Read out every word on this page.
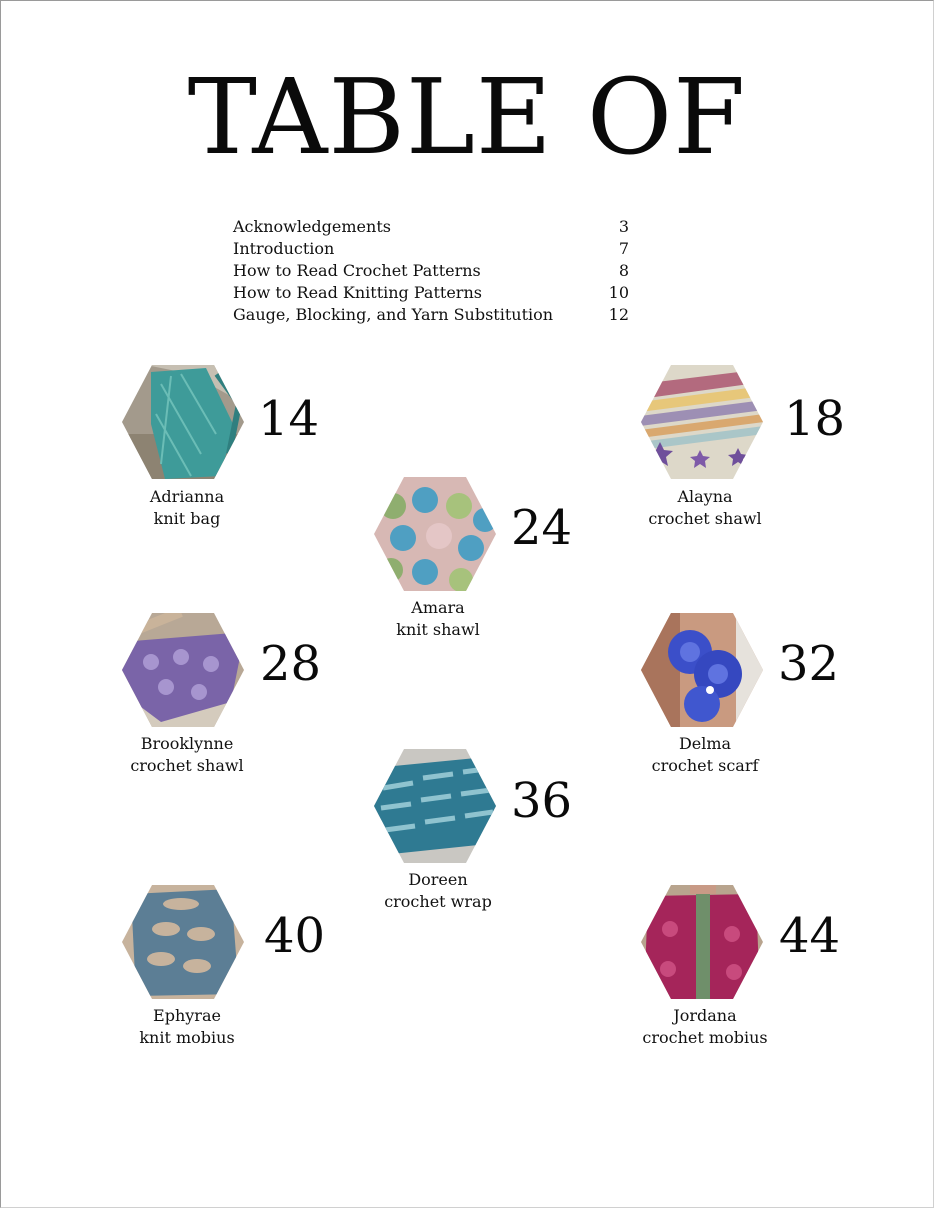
TABLE OF
Acknowledgements	3
Introduction	7
How to Read Crochet Patterns	8
How to Read Knitting Patterns	10
Gauge, Blocking, and Yarn Substitution	12
14
Adrianna
knit bag
18
Alayna
crochet shawl
24
Amara
knit shawl
28
Brooklynne
crochet shawl
32
Delma
crochet scarf
36
Doreen
crochet wrap
40
Ephyrae
knit mobius
44
Jordana
crochet mobius
